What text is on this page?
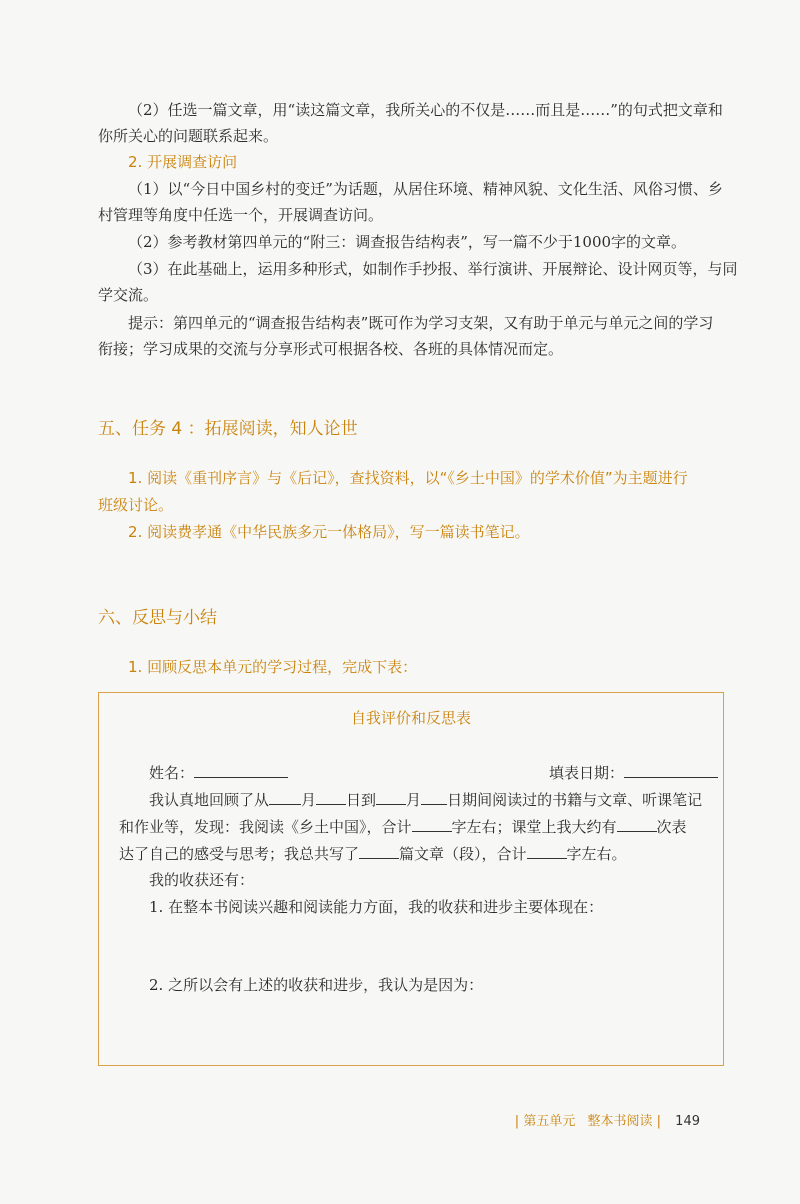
（2）任选一篇文章，用“读这篇文章，我所关心的不仅是……而且是……”的句式把文章和
你所关心的问题联系起来。
2. 开展调查访问
（1）以“今日中国乡村的变迁”为话题，从居住环境、精神风貌、文化生活、风俗习惯、乡
村管理等角度中任选一个，开展调查访问。
（2）参考教材第四单元的“附三：调查报告结构表”，写一篇不少于1000字的文章。
（3）在此基础上，运用多种形式，如制作手抄报、举行演讲、开展辩论、设计网页等，与同
学交流。
提示：第四单元的“调查报告结构表”既可作为学习支架，又有助于单元与单元之间的学习
衔接；学习成果的交流与分享形式可根据各校、各班的具体情况而定。
五、任务 4 ：拓展阅读，知人论世
1. 阅读《重刊序言》与《后记》，查找资料，以“《乡土中国》的学术价值”为主题进行
班级讨论。
2. 阅读费孝通《中华民族多元一体格局》，写一篇读书笔记。
六、反思与小结
1. 回顾反思本单元的学习过程，完成下表：
自我评价和反思表
姓名：	填表日期：
我认真地回顾了从 月 日到 月 日期间阅读过的书籍与文章、听课笔记
和作业等，发现：我阅读《乡土中国》，合计	字左右；课堂上我大约有	次表
达了自己的感受与思考；我总共写了	篇文章（段），合计	字左右。
我的收获还有：
1. 在整本书阅读兴趣和阅读能力方面，我的收获和进步主要体现在：
2. 之所以会有上述的收获和进步，我认为是因为：
| 第五单元 整本书阅读 | 149
